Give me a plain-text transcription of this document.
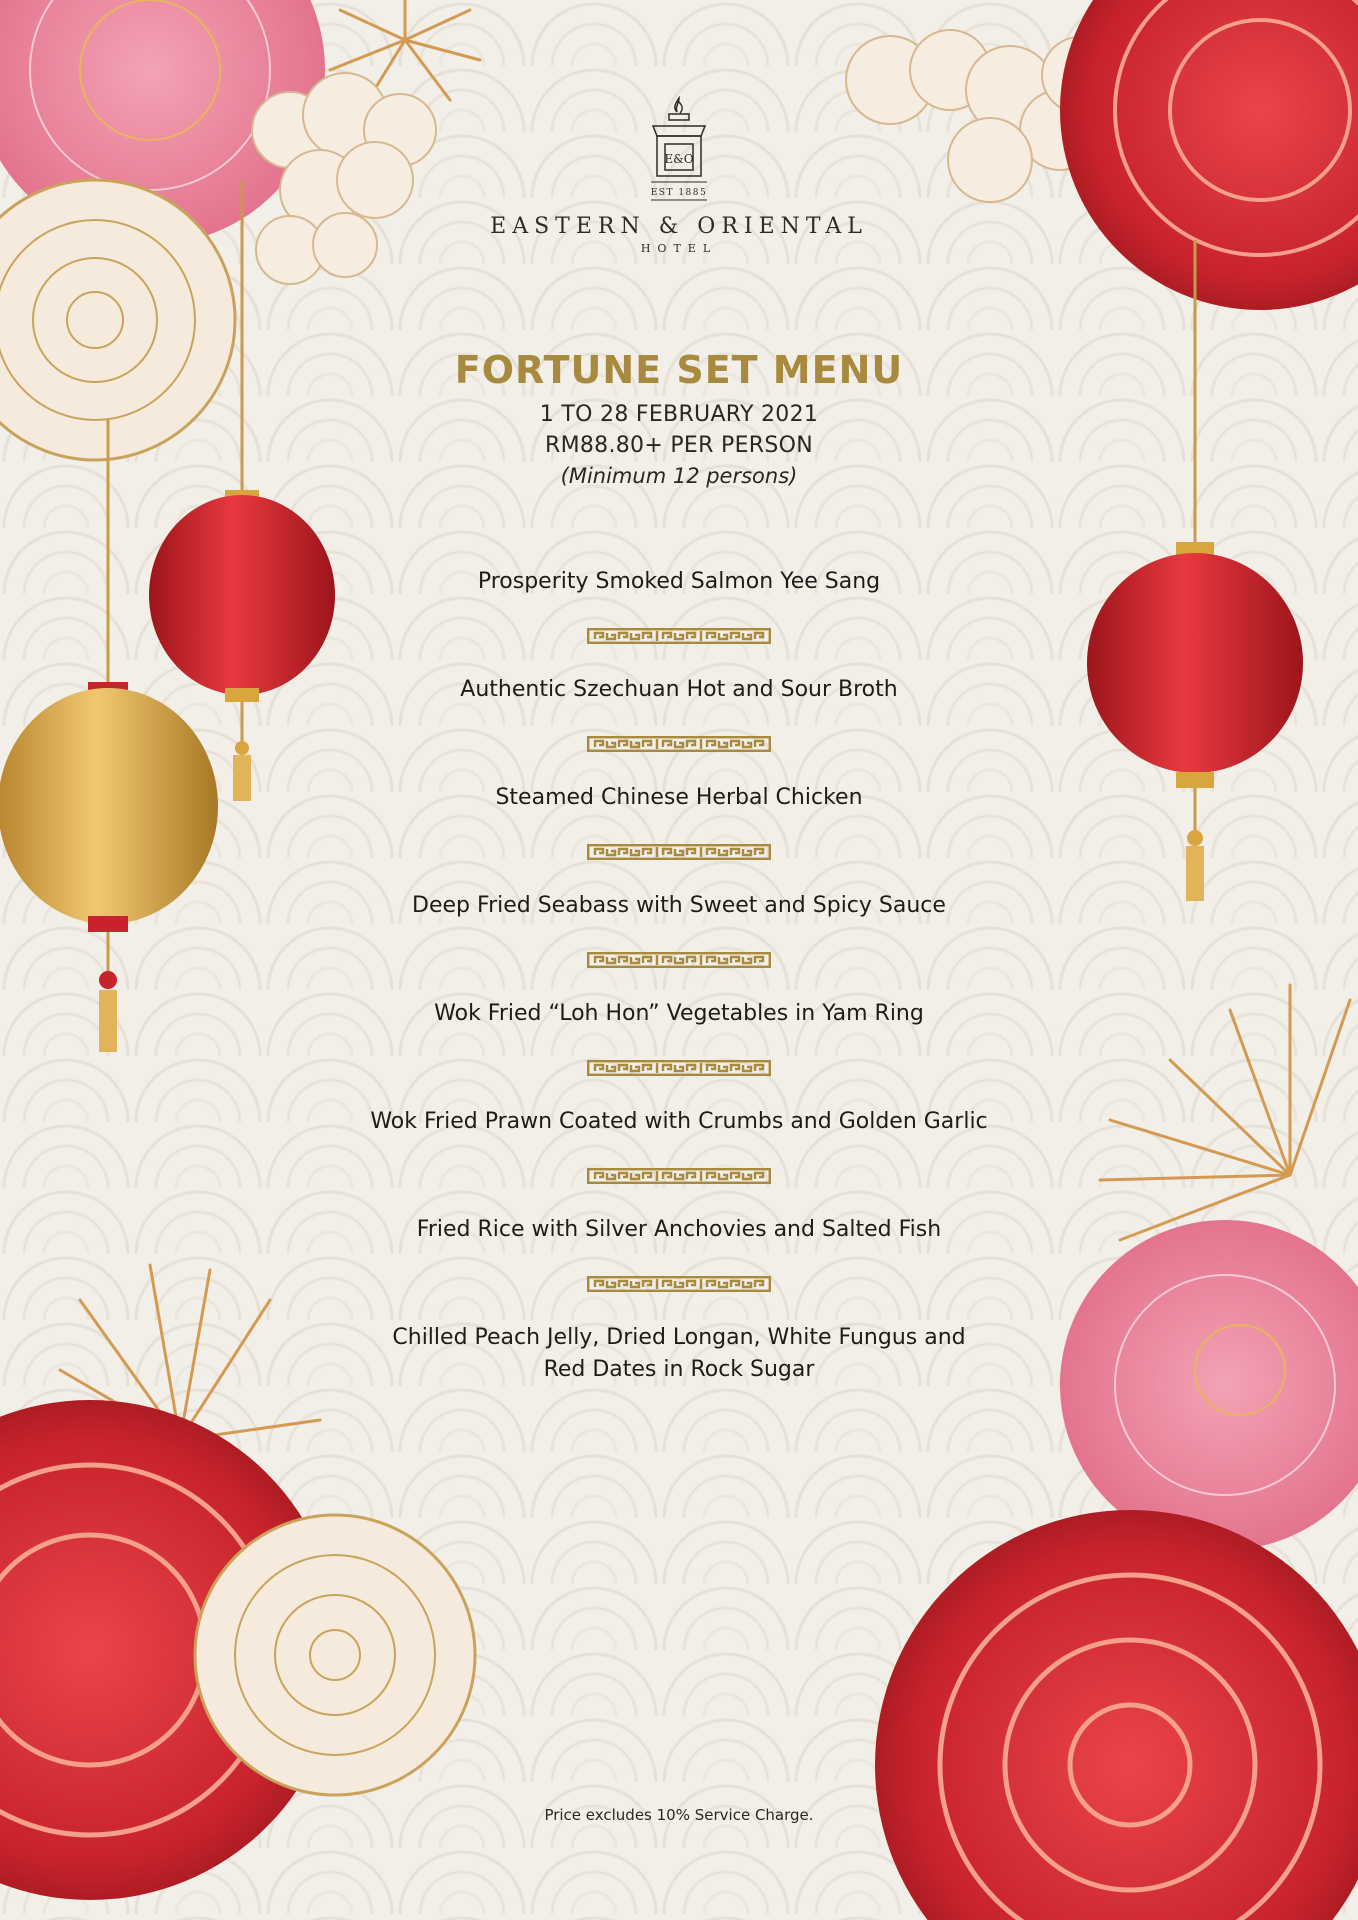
E&O
EST 1885
EASTERN & ORIENTAL
HOTEL
FORTUNE SET MENU
1 TO 28 FEBRUARY 2021
RM88.80+ PER PERSON
(Minimum 12 persons)
Prosperity Smoked Salmon Yee Sang
Authentic Szechuan Hot and Sour Broth
Steamed Chinese Herbal Chicken
Deep Fried Seabass with Sweet and Spicy Sauce
Wok Fried “Loh Hon” Vegetables in Yam Ring
Wok Fried Prawn Coated with Crumbs and Golden Garlic
Fried Rice with Silver Anchovies and Salted Fish
Chilled Peach Jelly, Dried Longan, White Fungus and
Red Dates in Rock Sugar
Price excludes 10% Service Charge.
